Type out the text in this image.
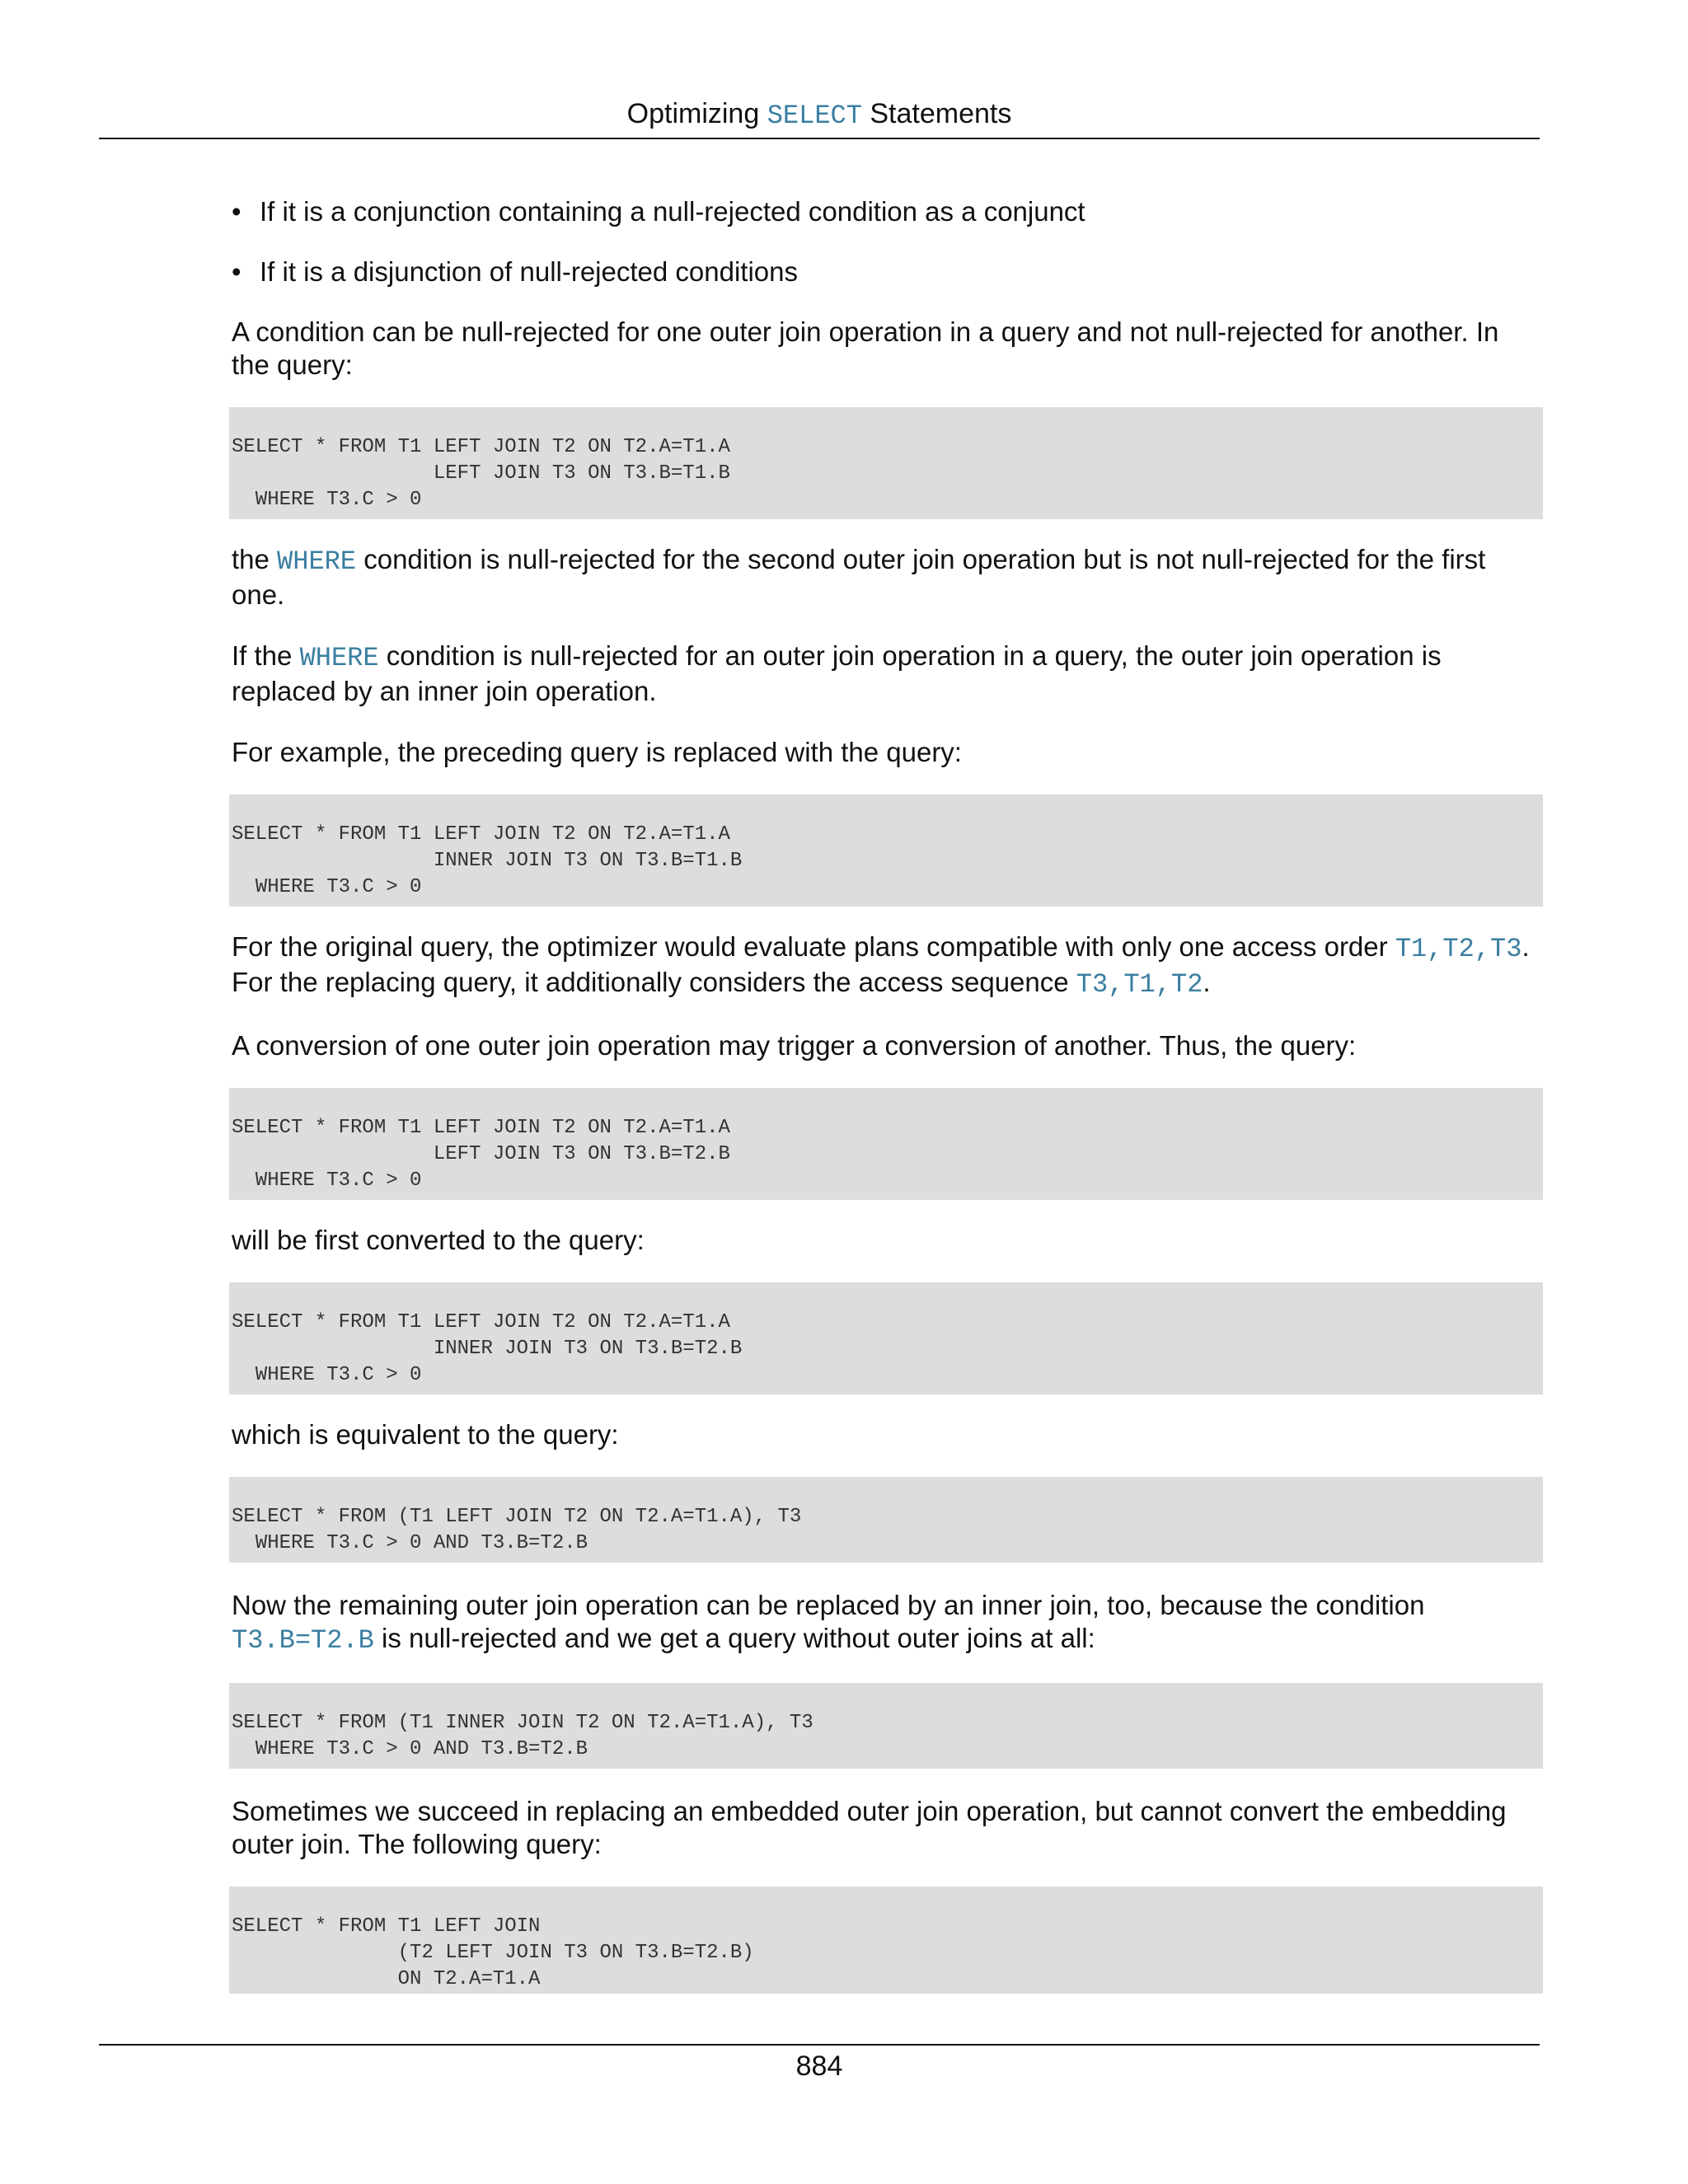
Optimizing SELECT Statements
• If it is a conjunction containing a null-rejected condition as a conjunct
• If it is a disjunction of null-rejected conditions

A condition can be null-rejected for one outer join operation in a query and not null-rejected for another. In the query:

SELECT * FROM T1 LEFT JOIN T2 ON T2.A=T1.A
LEFT JOIN T3 ON T3.B=T1.B
WHERE T3.C > 0

the WHERE condition is null-rejected for the second outer join operation but is not null-rejected for the first one.

If the WHERE condition is null-rejected for an outer join operation in a query, the outer join operation is replaced by an inner join operation.

For example, the preceding query is replaced with the query:

SELECT * FROM T1 LEFT JOIN T2 ON T2.A=T1.A
INNER JOIN T3 ON T3.B=T1.B
WHERE T3.C > 0

For the original query, the optimizer would evaluate plans compatible with only one access order T1,T2,T3. For the replacing query, it additionally considers the access sequence T3,T1,T2.

A conversion of one outer join operation may trigger a conversion of another. Thus, the query:

SELECT * FROM T1 LEFT JOIN T2 ON T2.A=T1.A
LEFT JOIN T3 ON T3.B=T2.B
WHERE T3.C > 0

will be first converted to the query:

SELECT * FROM T1 LEFT JOIN T2 ON T2.A=T1.A
INNER JOIN T3 ON T3.B=T2.B
WHERE T3.C > 0

which is equivalent to the query:

SELECT * FROM (T1 LEFT JOIN T2 ON T2.A=T1.A), T3
WHERE T3.C > 0 AND T3.B=T2.B

Now the remaining outer join operation can be replaced by an inner join, too, because the condition T3.B=T2.B is null-rejected and we get a query without outer joins at all:

SELECT * FROM (T1 INNER JOIN T2 ON T2.A=T1.A), T3
WHERE T3.C > 0 AND T3.B=T2.B

Sometimes we succeed in replacing an embedded outer join operation, but cannot convert the embedding outer join. The following query:

SELECT * FROM T1 LEFT JOIN
(T2 LEFT JOIN T3 ON T3.B=T2.B)
ON T2.A=T1.A
884
